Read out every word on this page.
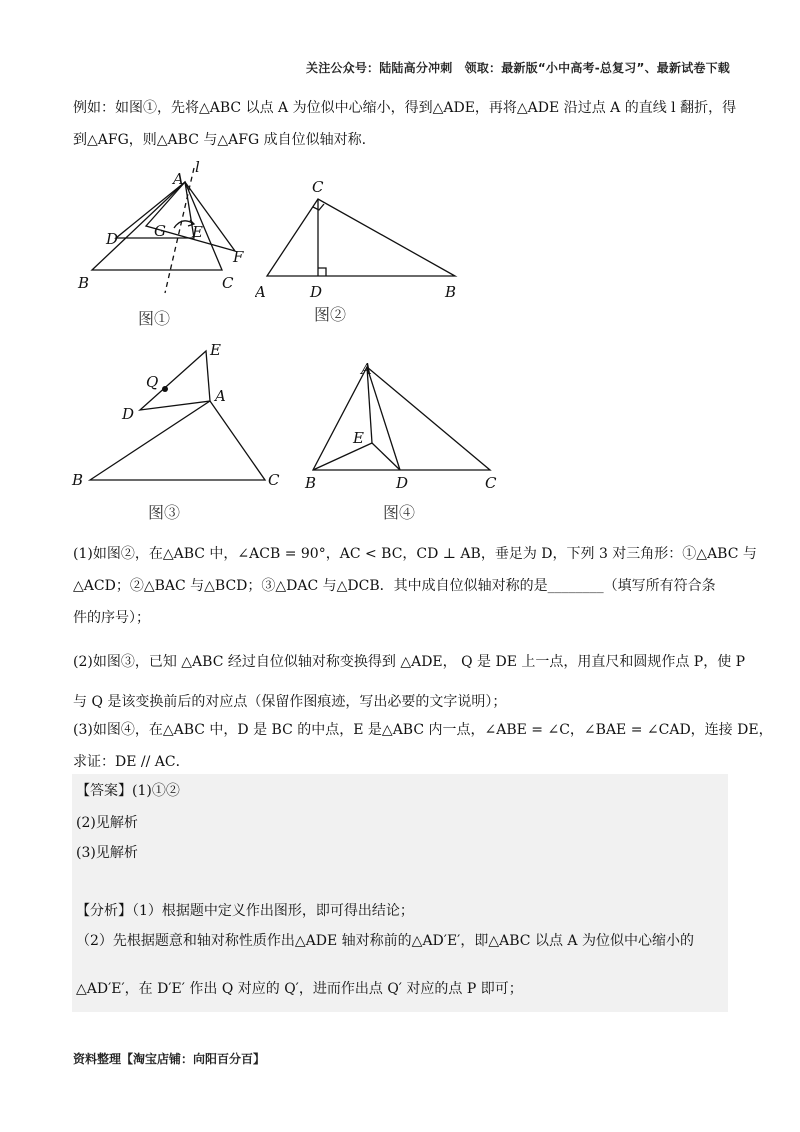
关注公众号：陆陆高分冲刺　领取：最新版“小中高考-总复习”、最新试卷下载
例如：如图①，先将△ABC 以点 A 为位似中心缩小，得到△ADE，再将△ADE 沿过点 A 的直线 l 翻折，得
到△AFG，则△ABC 与△AFG 成自位似轴对称.
A
l
G E
D
F
B	C
图①
C
A	D	B
图②
E
Q
A
D
B	C
图③
A
E
B	D	C
图④
(1)如图②，在△ABC 中，∠ACB = 90°，AC < BC，CD ⊥ AB，垂足为 D，下列 3 对三角形：①△ABC 与
△ACD；②△BAC 与△BCD；③△DAC 与△DCB．其中成自位似轴对称的是________（填写所有符合条
件的序号）；
(2)如图③，已知 △ABC 经过自位似轴对称变换得到 △ADE， Q 是 DE 上一点，用直尺和圆规作点 P，使 P
与 Q 是该变换前后的对应点（保留作图痕迹，写出必要的文字说明）；
(3)如图④，在△ABC 中，D 是 BC 的中点，E 是△ABC 内一点，∠ABE = ∠C，∠BAE = ∠CAD，连接 DE，
求证：DE // AC．
【答案】(1)①②
(2)见解析
(3)见解析
【分析】（1）根据题中定义作出图形，即可得出结论；
（2）先根据题意和轴对称性质作出△ADE 轴对称前的△AD′E′，即△ABC 以点 A 为位似中心缩小的
△AD′E′，在 D′E′ 作出 Q 对应的 Q′，进而作出点 Q′ 对应的点 P 即可；
资料整理【淘宝店铺：向阳百分百】
